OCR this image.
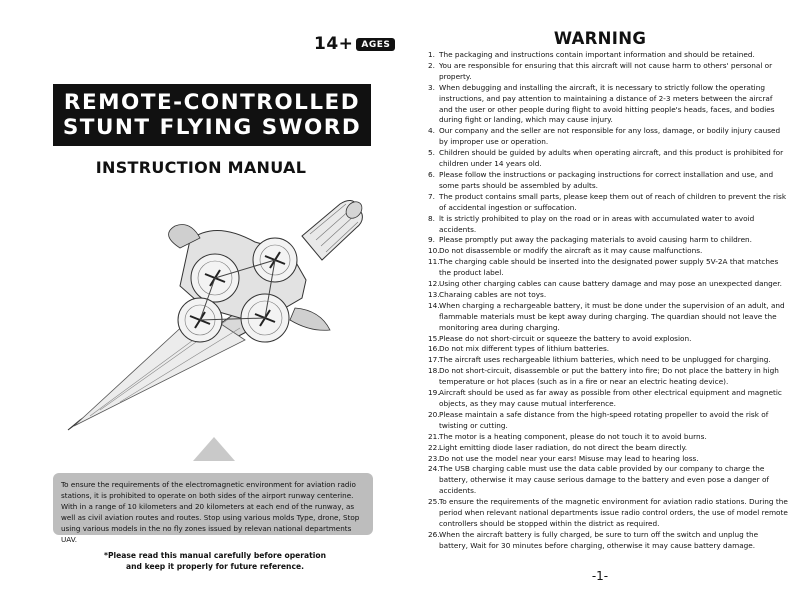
14+ AGES
REMOTE-CONTROLLED
STUNT FLYING SWORD
INSTRUCTION MANUAL
To ensure the requirements of the electromagnetic environment for aviation radio stations, it is prohibited to operate on both sides of the airport runway centerine. With in a range of 10 kilometers and 20 kilometers at each end of the runway, as well as civil aviation routes and routes. Stop using various molds Type, drone, Stop using various models in the no fly zones issued by relevan national departments UAV.
*Please read this manual carefully before operation and keep it properly for future reference.
WARNING
1. The packaging and instructions contain important information and should be retained.
2. You are responsible for ensuring that this aircraft will not cause harm to others' personal or property.
3. When debugging and installing the aircraft, it is necessary to strictly follow the operating instructions, and pay attention to maintaining a distance of 2-3 meters between the aircraf and the user or other people during flight to avoid hitting people's heads, faces, and bodies during fight or landing, which may cause injury.
4. Our company and the seller are not responsible for any loss, damage, or bodily injury caused by improper use or operation.
5. Children should be guided by adults when operating aircraft, and this product is prohibited for children under 14 years old.
6. Please follow the instructions or packaging instructions for correct installation and use, and some parts should be assembled by adults.
7. The product contains small parts, please keep them out of reach of children to prevent the risk of accidental ingestion or suffocation.
8. lt is strictly prohibited to play on the road or in areas with accumulated water to avoid accidents.
9. Please promptly put away the packaging materials to avoid causing harm to children.
10. Do not disassemble or modify the aircraft as it may cause malfunctions.
11. The charging cable should be inserted into the designated power supply 5V-2A that matches the product label.
12. Using other charging cables can cause battery damage and may pose an unexpected danger.
13. Charaing cables are not toys.
14. When charging a rechargeable battery, it must be done under the supervision of an adult, and flammable materials must be kept away during charging. The quardian should not leave the monitoring area during charging.
15. Please do not short-circuit or squeeze the battery to avoid explosion.
16. Do not mix different types of lithium batteries.
17. The aircraft uses rechargeable lithium batteries, which need to be unplugged for charging.
18. Do not short-circuit, disassemble or put the battery into fire; Do not place the battery in high temperature or hot places (such as in a fire or near an electric heating device).
19. Aircraft should be used as far away as possible from other electrical equipment and magnetic objects, as they may cause mutual interference.
20. Please maintain a safe distance from the high-speed rotating propeller to avoid the risk of twisting or cutting.
21. The motor is a heating component, please do not touch it to avoid burns.
22. Light emitting diode laser radiation, do not direct the beam directly.
23. Do not use the model near your ears! Misuse may lead to hearing loss.
24. The USB charging cable must use the data cable provided by our company to charge the battery, otherwise it may cause serious damage to the battery and even pose a danger of accidents.
25. To ensure the requirements of the magnetic environment for aviation radio stations. During the period when relevant national departments issue radio control orders, the use of model remote controllers should be stopped within the district as required.
26. When the aircraft battery is fully charged, be sure to turn off the switch and unplug the battery, Wait for 30 minutes before charging, otherwise it may cause battery damage.
-1-
